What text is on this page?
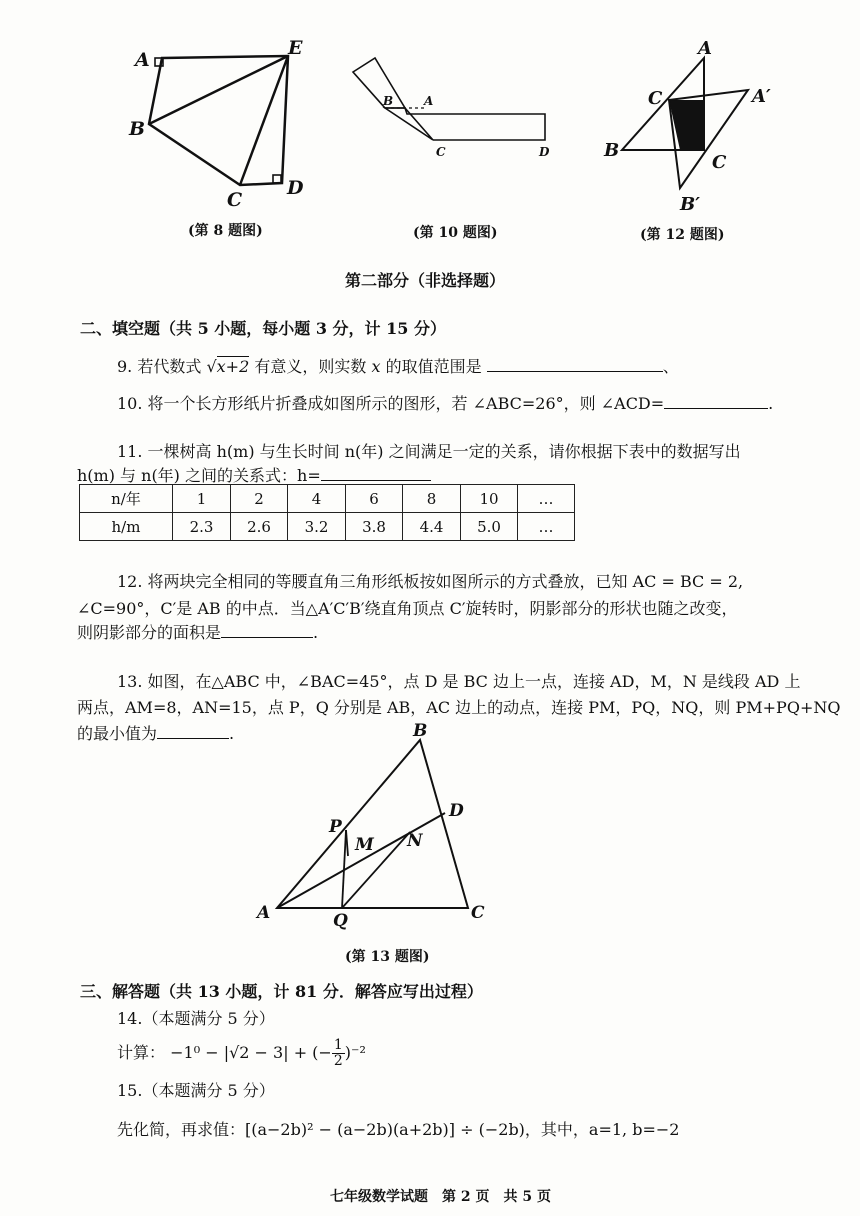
A
E
B
C
D
(第 8 题图)
B	A
C	D
(第 10 题图)
A
C	A′
B
C
B′
(第 12 题图)
第二部分（非选择题）
二、填空题（共 5 小题，每小题 3 分，计 15 分）
9. 若代数式 √x+2 有意义，则实数 x 的取值范围是	、
10. 将一个长方形纸片折叠成如图所示的图形，若 ∠ABC=26°，则 ∠ACD=	.
11. 一棵树高 h(m) 与生长时间 n(年) 之间满足一定的关系，请你根据下表中的数据写出
h(m) 与 n(年) 之间的关系式：h=
n/年	1	2	4	6	8	10	…
h/m	2.3	2.6	3.2	3.8	4.4	5.0	…
12. 将两块完全相同的等腰直角三角形纸板按如图所示的方式叠放，已知 AC = BC = 2,
∠C=90°，C′是 AB 的中点．当△A′C′B′绕直角顶点 C′旋转时，阴影部分的形状也随之改变，
则阴影部分的面积是	.
13. 如图，在△ABC 中，∠BAC=45°，点 D 是 BC 边上一点，连接 AD，M，N 是线段 AD 上
两点，AM=8，AN=15，点 P，Q 分别是 AB，AC 边上的动点，连接 PM，PQ，NQ，则 PM+PQ+NQ
的最小值为	.	B
D
P
M N
A	Q	C
(第 13 题图)
三、解答题（共 13 小题，计 81 分．解答应写出过程）
14.（本题满分 5 分）
计算： −1⁰ − |√2 − 3| + (− $\frac{1}{2} )^{-2}$
15.（本题满分 5 分）
先化简，再求值：[(a−2b)² − (a−2b)(a+2b)] ÷ (−2b)，其中，a=1, b=−2
七年级数学试题　第 2 页　共 5 页
